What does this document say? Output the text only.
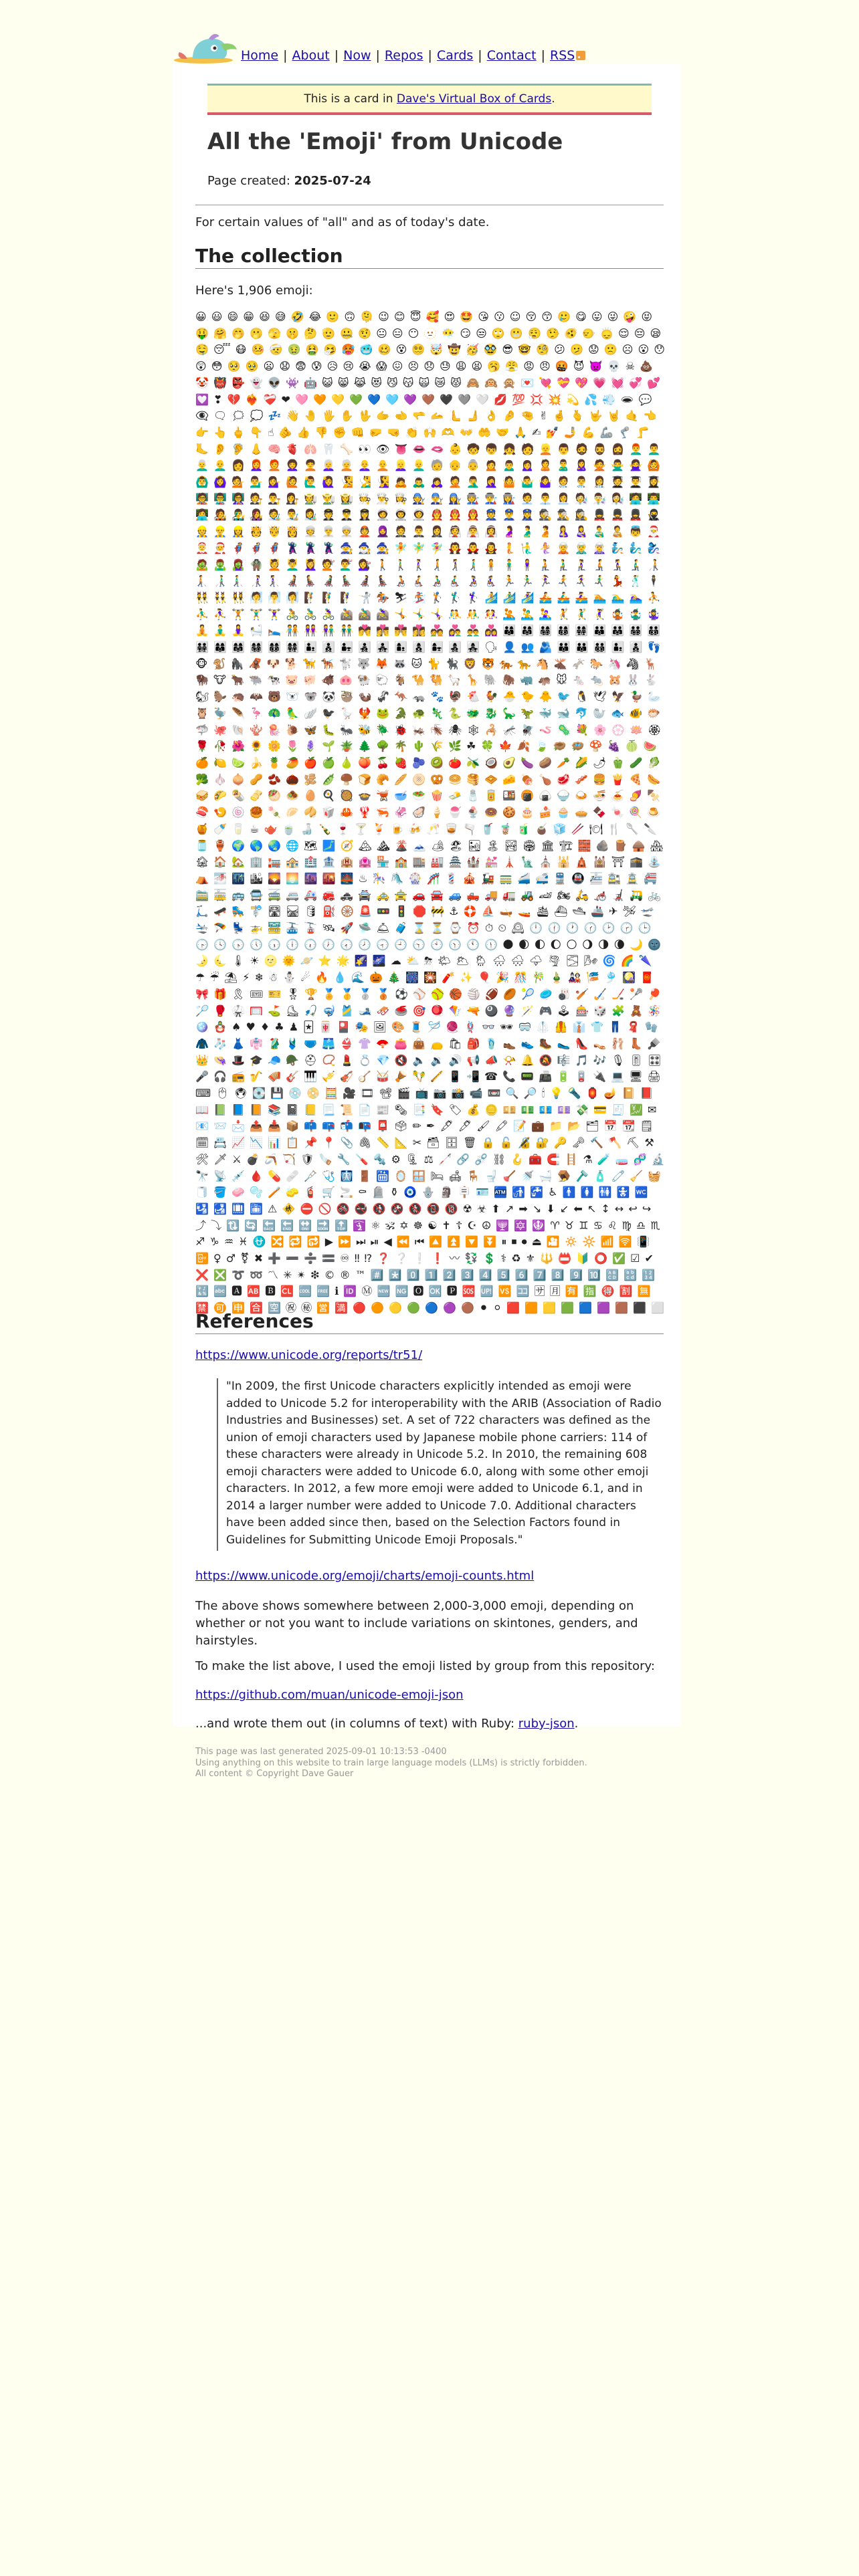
Home | About | Now | Repos | Cards | Contact | RSS
This is a card in Dave's Virtual Box of Cards .
All the 'Emoji' from Unicode
Page created: 2025-07-24
For certain values of "all" and as of today's date.
The collection
Here's 1,906 emoji:
😀 😃 😄 😁 😆 😅 🤣 😂 🙂 🙃 🫠 😉 😊 😇 🥰 😍 🤩 😘 😗 ☺ 😚 😙 🥲 😋 😛 😜 🤪 😝 🤑 🤗 🤭 🫢 🫣 🤫 🤔 🫡 🤐 🤨 😐 😑 😶 🫥 😶‍🌫️ 😏 😒 🙄 😬 😮‍💨 🤥 🫨 🙂‍↔️ 🙂‍↕️ 😌 😔 😪 🤤 😴 😷 🤒 🤕 🤢 🤮 🤧 🥵 🥶 🥴 😵 😵‍💫 🤯 🤠 🥳 🥸 😎 🤓 🧐 😕 🫤 😟 🙁 ☹ 😮 😯 😲 😳 🥺 🥹 😦 😧 😨 😰 😥 😢 😭 😱 😖 😣 😞 😓 😩 😫 🥱 😤 😡 😠 🤬 😈 👿 💀 ☠ 💩 🤡 👹 👺 👻 👽 👾 🤖 😺 😸 😹 😻 😼 😽 🙀 😿 😾 🙈 🙉 🙊 💌 💘 💝 💖 💗 💓 💞 💕 💟 ❣ 💔 ❤️‍🔥 ❤️‍🩹 ❤ 🩷 🧡 💛 💚 💙 🩵 💜 🤎 🖤 🩶 🤍 💋 💯 💢 💥 💫 💦 💨 🕳 💬 👁️‍🗨️ 🗨 🗯 💭 💤 👋 🤚 🖐 ✋ 🖖 🫱 🫲 🫳 🫴 🫷 🫸 👌 🤌 🤏 ✌ 🤞 🫰 🤟 🤘 🤙 👈 👉 👆 🖕 👇 ☝ 🫵 👍 👎 ✊ 👊 🤛 🤜 👏 🙌 🫶 👐 🤲 🤝 🙏 ✍ 💅 🤳 💪 🦾 🦿 🦵 🦶 👂 🦻 👃 🧠 🫀 🫁 🦷 🦴 👀 👁 👅 👄 🫦 👶 🧒 👦 👧 🧑 👱 👨 🧔 🧔‍♂️ 🧔‍♀️ 👨‍🦰 👨‍🦱 👨‍🦳 👨‍🦲 👩 👩‍🦰 🧑‍🦰 👩‍🦱 🧑‍🦱 👩‍🦳 🧑‍🦳 👩‍🦲 🧑‍🦲 👱‍♀️ 👱‍♂️ 🧓 👴 👵 🙍 🙍‍♂️ 🙍‍♀️ 🙎 🙎‍♂️ 🙎‍♀️ 🙅 🙅‍♂️ 🙅‍♀️ 🙆 🙆‍♂️ 🙆‍♀️ 💁 💁‍♂️ 💁‍♀️ 🙋 🙋‍♂️ 🙋‍♀️ 🧏 🧏‍♂️ 🧏‍♀️ 🙇 🙇‍♂️ 🙇‍♀️ 🤦 🤦‍♂️ 🤦‍♀️ 🤷 🤷‍♂️ 🤷‍♀️ 🧑‍⚕️ 👨‍⚕️ 👩‍⚕️ 🧑‍🎓 👨‍🎓 👩‍🎓 🧑‍🏫 👨‍🏫 👩‍🏫 🧑‍⚖️ 👨‍⚖️ 👩‍⚖️ 🧑‍🌾 👨‍🌾 👩‍🌾 🧑‍🍳 👨‍🍳 👩‍🍳 🧑‍🔧 👨‍🔧 👩‍🔧 🧑‍🏭 👨‍🏭 👩‍🏭 🧑‍💼 👨‍💼 👩‍💼 🧑‍🔬 👨‍🔬 👩‍🔬 🧑‍💻 👨‍💻 👩‍💻 🧑‍🎤 👨‍🎤 👩‍🎤 🧑‍🎨 👨‍🎨 👩‍🎨 🧑‍✈️ 👨‍✈️ 👩‍✈️ 🧑‍🚀 👨‍🚀 👩‍🚀 🧑‍🚒 👨‍🚒 👩‍🚒 👮 👮‍♂️ 👮‍♀️ 🕵 🕵️‍♂️ 🕵️‍♀️ 💂 💂‍♂️ 💂‍♀️ 🥷 👷 👷‍♂️ 👷‍♀️ 🫅 🤴 👸 👳 👳‍♂️ 👳‍♀️ 👲 🧕 🤵 🤵‍♂️ 🤵‍♀️ 👰 👰‍♂️ 👰‍♀️ 🤰 🫃 🫄 🤱 👩‍🍼 👨‍🍼 🧑‍🍼 👼 🎅 🤶 🧑‍🎄 🦸 🦸‍♂️ 🦸‍♀️ 🦹 🦹‍♂️ 🦹‍♀️ 🧙 🧙‍♂️ 🧙‍♀️ 🧚 🧚‍♂️ 🧚‍♀️ 🧛 🧛‍♂️ 🧛‍♀️ 🧜 🧜‍♂️ 🧜‍♀️ 🧝 🧝‍♂️ 🧝‍♀️ 🧞 🧞‍♂️ 🧞‍♀️ 🧟 🧟‍♂️ 🧟‍♀️ 🧌 💆 💆‍♂️ 💆‍♀️ 💇 💇‍♂️ 💇‍♀️ 🚶 🚶‍♂️ 🚶‍♀️ 🚶‍➡️ 🚶‍♀️‍➡️ 🚶‍♂️‍➡️ 🧍 🧍‍♂️ 🧍‍♀️ 🧎 🧎‍♂️ 🧎‍♀️ 🧎‍➡️ 🧎‍♀️‍➡️ 🧎‍♂️‍➡️ 🧑‍🦯 🧑‍🦯‍➡️ 👨‍🦯 👨‍🦯‍➡️ 👩‍🦯 👩‍🦯‍➡️ 🧑‍🦼 🧑‍🦼‍➡️ 👨‍🦼 👨‍🦼‍➡️ 👩‍🦼 👩‍🦼‍➡️ 🧑‍🦽 🧑‍🦽‍➡️ 👨‍🦽 👨‍🦽‍➡️ 👩‍🦽 👩‍🦽‍➡️ 🏃 🏃‍♂️ 🏃‍♀️ 🏃‍➡️ 🏃‍♀️‍➡️ 🏃‍♂️‍➡️ 💃 🕺 🕴 👯 👯‍♂️ 👯‍♀️ 🧖 🧖‍♂️ 🧖‍♀️ 🧗 🧗‍♂️ 🧗‍♀️ 🤺 🏇 ⛷ 🏂 🏌 🏌️‍♂️ 🏌️‍♀️ 🏄 🏄‍♂️ 🏄‍♀️ 🚣 🚣‍♂️ 🚣‍♀️ 🏊 🏊‍♂️ 🏊‍♀️ ⛹ ⛹️‍♂️ ⛹️‍♀️ 🏋 🏋️‍♂️ 🏋️‍♀️ 🚴 🚴‍♂️ 🚴‍♀️ 🚵 🚵‍♂️ 🚵‍♀️ 🤸 🤸‍♂️ 🤸‍♀️ 🤼 🤼‍♂️ 🤼‍♀️ 🤽 🤽‍♂️ 🤽‍♀️ 🤾 🤾‍♂️ 🤾‍♀️ 🤹 🤹‍♂️ 🤹‍♀️ 🧘 🧘‍♂️ 🧘‍♀️ 🛀 🛌 🧑‍🤝‍🧑 👭 👫 👬 💏 👩‍❤️‍💋‍👨 👨‍❤️‍💋‍👨 👩‍❤️‍💋‍👩 💑 👩‍❤️‍👨 👨‍❤️‍👨 👩‍❤️‍👩 👨‍👩‍👦 👨‍👩‍👧 👨‍👩‍👧‍👦 👨‍👩‍👦‍👦 👨‍👩‍👧‍👧 👨‍👨‍👦 👨‍👨‍👧 👨‍👨‍👧‍👦 👨‍👨‍👦‍👦 👨‍👨‍👧‍👧 👩‍👩‍👦 👩‍👩‍👧 👩‍👩‍👧‍👦 👩‍👩‍👦‍👦 👩‍👩‍👧‍👧 👨‍👦 👨‍👦‍👦 👨‍👧 👨‍👧‍👦 👨‍👧‍👧 👩‍👦 👩‍👦‍👦 👩‍👧 👩‍👧‍👦 👩‍👧‍👧 🗣 👤 👥 🫂 👪 🧑‍🧑‍🧒 🧑‍🧑‍🧒‍🧒 🧑‍🧒 🧑‍🧒‍🧒 👣 🐵 🐒 🦍 🦧 🐶 🐕 🦮 🐕‍🦺 🐩 🐺 🦊 🦝 🐱 🐈 🐈‍⬛ 🦁 🐯 🐅 🐆 🐴 🫎 🫏 🐎 🦄 🦓 🦌 🦬 🐮 🐂 🐃 🐄 🐷 🐖 🐗 🐽 🐏 🐑 🐐 🐪 🐫 🦙 🦒 🐘 🦣 🦏 🦛 🐭 🐁 🐀 🐹 🐰 🐇 🐿 🦫 🦔 🦇 🐻 🐻‍❄️ 🐨 🐼 🦥 🦦 🦨 🦘 🦡 🐾 🦃 🐔 🐓 🐣 🐤 🐥 🐦 🐧 🕊 🦅 🦆 🦢 🦉 🦤 🪶 🦩 🦚 🦜 🪽 🐦‍⬛ 🪿 🐦‍🔥 🐸 🐊 🐢 🦎 🐍 🐲 🐉 🦕 🦖 🐳 🐋 🐬 🦭 🐟 🐠 🐡 🦈 🐙 🐚 🪸 🪼 🐌 🦋 🐛 🐜 🐝 🪲 🐞 🦗 🪳 🕷 🕸 🦂 🦟 🪰 🪱 🦠 💐 🌸 💮 🪷 🏵 🌹 🥀 🌺 🌻 🌼 🌷 🪻 🌱 🪴 🌲 🌳 🌴 🌵 🌾 🌿 ☘ 🍀 🍁 🍂 🍃 🪹 🪺 🍄 🍇 🍈 🍉 🍊 🍋 🍋‍🟩 🍌 🍍 🥭 🍎 🍏 🍐 🍑 🍒 🍓 🫐 🥝 🍅 🫒 🥥 🥑 🍆 🥔 🥕 🌽 🌶 🫑 🥒 🥬 🥦 🧄 🧅 🥜 🫘 🌰 🫚 🫛 🍄‍🟫 🍞 🥐 🥖 🫓 🥨 🥯 🥞 🧇 🧀 🍖 🍗 🥩 🥓 🍔 🍟 🍕 🌭 🥪 🌮 🌯 🫔 🥙 🧆 🥚 🍳 🥘 🍲 🫕 🥣 🥗 🍿 🧈 🧂 🥫 🍱 🍘 🍙 🍚 🍛 🍜 🍝 🍠 🍢 🍣 🍤 🍥 🥮 🍡 🥟 🥠 🥡 🦀 🦞 🦐 🦑 🦪 🍦 🍧 🍨 🍩 🍪 🎂 🍰 🧁 🥧 🍫 🍬 🍭 🍮 🍯 🍼 🥛 ☕ 🫖 🍵 🍶 🍾 🍷 🍸 🍹 🍺 🍻 🥂 🥃 🫗 🥤 🧋 🧃 🧉 🧊 🥢 🍽 🍴 🥄 🔪 🫙 🏺 🌍 🌎 🌏 🌐 🗺 🗾 🧭 🏔 ⛰ 🌋 🗻 🏕 🏖 🏜 🏝 🏞 🏟 🏛 🏗 🧱 🪨 🪵 🛖 🏘 🏚 🏠 🏡 🏢 🏣 🏤 🏥 🏦 🏨 🏩 🏪 🏫 🏬 🏭 🏯 🏰 💒 🗼 🗽 ⛪ 🕌 🛕 🕍 ⛩ 🕋 ⛲ ⛺ 🌁 🌃 🏙 🌄 🌅 🌆 🌇 🌉 ♨ 🎠 🛝 🎡 🎢 💈 🎪 🚂 🚃 🚄 🚅 🚆 🚇 🚈 🚉 🚊 🚝 🚞 🚋 🚌 🚍 🚎 🚐 🚑 🚒 🚓 🚔 🚕 🚖 🚗 🚘 🚙 🛻 🚚 🚛 🚜 🏎 🏍 🛵 🦽 🦼 🛺 🚲 🛴 🛹 🛼 🚏 🛣 🛤 🛢 ⛽ 🛞 🚨 🚥 🚦 🛑 🚧 ⚓ 🛟 ⛵ 🛶 🚤 🛳 ⛴ 🛥 🚢 ✈ 🛩 🛫 🛬 🪂 💺 🚁 🚟 🚠 🚡 🛰 🚀 🛸 🛎 🧳 ⌛ ⏳ ⌚ ⏰ ⏱ ⏲ 🕰 🕛 🕧 🕐 🕜 🕑 🕝 🕒 🕞 🕓 🕟 🕔 🕠 🕕 🕡 🕖 🕢 🕗 🕣 🕘 🕤 🕙 🕥 🕚 🕦 🌑 🌒 🌓 🌔 🌕 🌖 🌗 🌘 🌙 🌚 🌛 🌜 🌡 ☀ 🌝 🌞 🪐 ⭐ 🌟 🌠 🌌 ☁ ⛅ ⛈ 🌤 🌥 🌦 🌧 🌨 🌩 🌪 🌫 🌬 🌀 🌈 🌂 ☂ ☔ ⛱ ⚡ ❄ ☃ ⛄ ☄ 🔥 💧 🌊 🎃 🎄 🎆 🎇 🧨 ✨ 🎈 🎉 🎊 🎋 🎍 🎎 🎏 🎐 🎑 🧧 🎀 🎁 🎗 🎟 🎫 🎖 🏆 🏅 🥇 🥈 🥉 ⚽ ⚾ 🥎 🏀 🏐 🏈 🏉 🎾 🥏 🎳 🏏 🏑 🏒 🥍 🏓 🏸 🥊 🥋 🥅 ⛳ ⛸ 🎣 🤿 🎽 🎿 🛷 🥌 🎯 🪀 🪁 🔫 🎱 🔮 🪄 🎮 🕹 🎰 🎲 🧩 🧸 🪅 🪩 🪆 ♠ ♥ ♦ ♣ ♟ 🃏 🀄 🎴 🎭 🖼 🎨 🧵 🪡 🧶 🪢 👓 🕶 🥽 🥼 🦺 👔 👕 👖 🧣 🧤 🧥 🧦 👗 👘 🥻 🩱 🩲 🩳 👙 👚 🪭 👛 👜 👝 🛍 🎒 🩴 👞 👟 🥾 🥿 👠 👡 🩰 👢 🪮 👑 👒 🎩 🎓 🧢 🪖 ⛑ 📿 💄 💍 💎 🔇 🔈 🔉 🔊 📢 📣 📯 🔔 🔕 🎼 🎵 🎶 🎙 🎚 🎛 🎤 🎧 📻 🎷 🪗 🎸 🎹 🎺 🎻 🪕 🥁 🪘 🪇 🪈 📱 📲 ☎ 📞 📟 📠 🔋 🪫 🔌 💻 🖥 🖨 ⌨ 🖱 🖲 💽 💾 💿 📀 🧮 🎥 🎞 📽 🎬 📺 📷 📸 📹 📼 🔍 🔎 🕯 💡 🔦 🏮 🪔 📔 📕 📖 📗 📘 📙 📚 📓 📒 📃 📜 📄 📰 🗞 📑 🔖 🏷 💰 🪙 💴 💵 💶 💷 💸 💳 🧾 💹 ✉ 📧 📨 📩 📤 📥 📦 📫 📪 📬 📭 📮 🗳 ✏ ✒ 🖋 🖊 🖌 🖍 📝 💼 📁 📂 🗂 📅 📆 🗒 🗓 📇 📈 📉 📊 📋 📌 📍 📎 🖇 📏 📐 ✂ 🗃 🗄 🗑 🔒 🔓 🔏 🔐 🔑 🗝 🔨 🪓 ⛏ ⚒ 🛠 🗡 ⚔ 💣 🪃 🏹 🛡 🪚 🔧 🪛 🔩 ⚙ 🗜 ⚖ 🦯 🔗 ⛓️‍💥 ⛓ 🪝 🧰 🧲 🪜 ⚗ 🧪 🧫 🧬 🔬 🔭 📡 💉 🩸 💊 🩹 🩼 🩺 🩻 🚪 🛗 🪞 🪟 🛏 🛋 🪑 🚽 🪠 🚿 🛁 🪤 🪒 🧴 🧷 🧹 🧺 🧻 🪣 🧼 🫧 🪥 🧽 🧯 🛒 🚬 ⚰ 🪦 ⚱ 🧿 🪬 🗿 🪧 🪪 🏧 🚮 🚰 ♿ 🚹 🚺 🚻 🚼 🚾 🛂 🛃 🛄 🛅 ⚠ 🚸 ⛔ 🚫 🚳 🚭 🚯 🚱 🚷 📵 🔞 ☢ ☣ ⬆ ↗ ➡ ↘ ⬇ ↙ ⬅ ↖ ↕ ↔ ↩ ↪ ⤴ ⤵ 🔃 🔄 🔙 🔚 🔛 🔜 🔝 🛐 ⚛ 🕉 ✡ ☸ ☯ ✝ ☦ ☪ ☮ 🕎 🔯 🪯 ♈ ♉ ♊ ♋ ♌ ♍ ♎ ♏ ♐ ♑ ♒ ♓ ⛎ 🔀 🔁 🔂 ▶ ⏩ ⏭ ⏯ ◀ ⏪ ⏮ 🔼 ⏫ 🔽 ⏬ ⏸ ⏹ ⏺ ⏏ 🎦 🔅 🔆 📶 🛜 📳 📴 ♀ ♂ ⚧ ✖ ➕ ➖ ➗ 🟰 ♾ ‼ ⁉ ❓ ❔ ❕ ❗ 〰 💱 💲 ⚕ ♻ ⚜ 🔱 📛 🔰 ⭕ ✅ ☑ ✔ ❌ ❎ ➰ ➿ 〽 ✳ ✴ ❇ © ® ™ #️⃣ *️⃣ 0️⃣ 1️⃣ 2️⃣ 3️⃣ 4️⃣ 5️⃣ 6️⃣ 7️⃣ 8️⃣ 9️⃣ 🔟 🔠 🔡 🔢 🔣 🔤 🅰 🆎 🅱 🆑 🆒 🆓 ℹ 🆔 Ⓜ 🆕 🆖 🅾 🆗 🅿 🆘 🆙 🆚 🈁 🈂 🈷 🈶 🈯 🉐 🈹 🈚 🈲 🉑 🈸 🈴 🈳 ㊗ ㊙ 🈺 🈵 🔴 🟠 🟡 🟢 🔵 🟣 🟤 ⚫ ⚪ 🟥 🟧 🟨 🟩 🟦 🟪 🟫 ⬛ ⬜
References
https://www.unicode.org/reports/tr51/
"In 2009, the first Unicode characters explicitly intended as emoji were added to Unicode 5.2 for interoperability with the ARIB (Association of Radio Industries and Businesses) set. A set of 722 characters was defined as the union of emoji characters used by Japanese mobile phone carriers: 114 of these characters were already in Unicode 5.2. In 2010, the remaining 608 emoji characters were added to Unicode 6.0, along with some other emoji characters. In 2012, a few more emoji were added to Unicode 6.1, and in 2014 a larger number were added to Unicode 7.0. Additional characters have been added since then, based on the Selection Factors found in Guidelines for Submitting Unicode Emoji Proposals."
https://www.unicode.org/emoji/charts/emoji-counts.html
The above shows somewhere between 2,000-3,000 emoji, depending on whether or not you want to include variations on skintones, genders, and hairstyles.
To make the list above, I used the emoji listed by group from this repository:
https://github.com/muan/unicode-emoji-json
...and wrote them out (in columns of text) with Ruby: ruby-json.
This page was last generated 2025-09-01 10:13:53 -0400
Using anything on this website to train large language models (LLMs) is strictly forbidden.
All content © Copyright Dave Gauer
